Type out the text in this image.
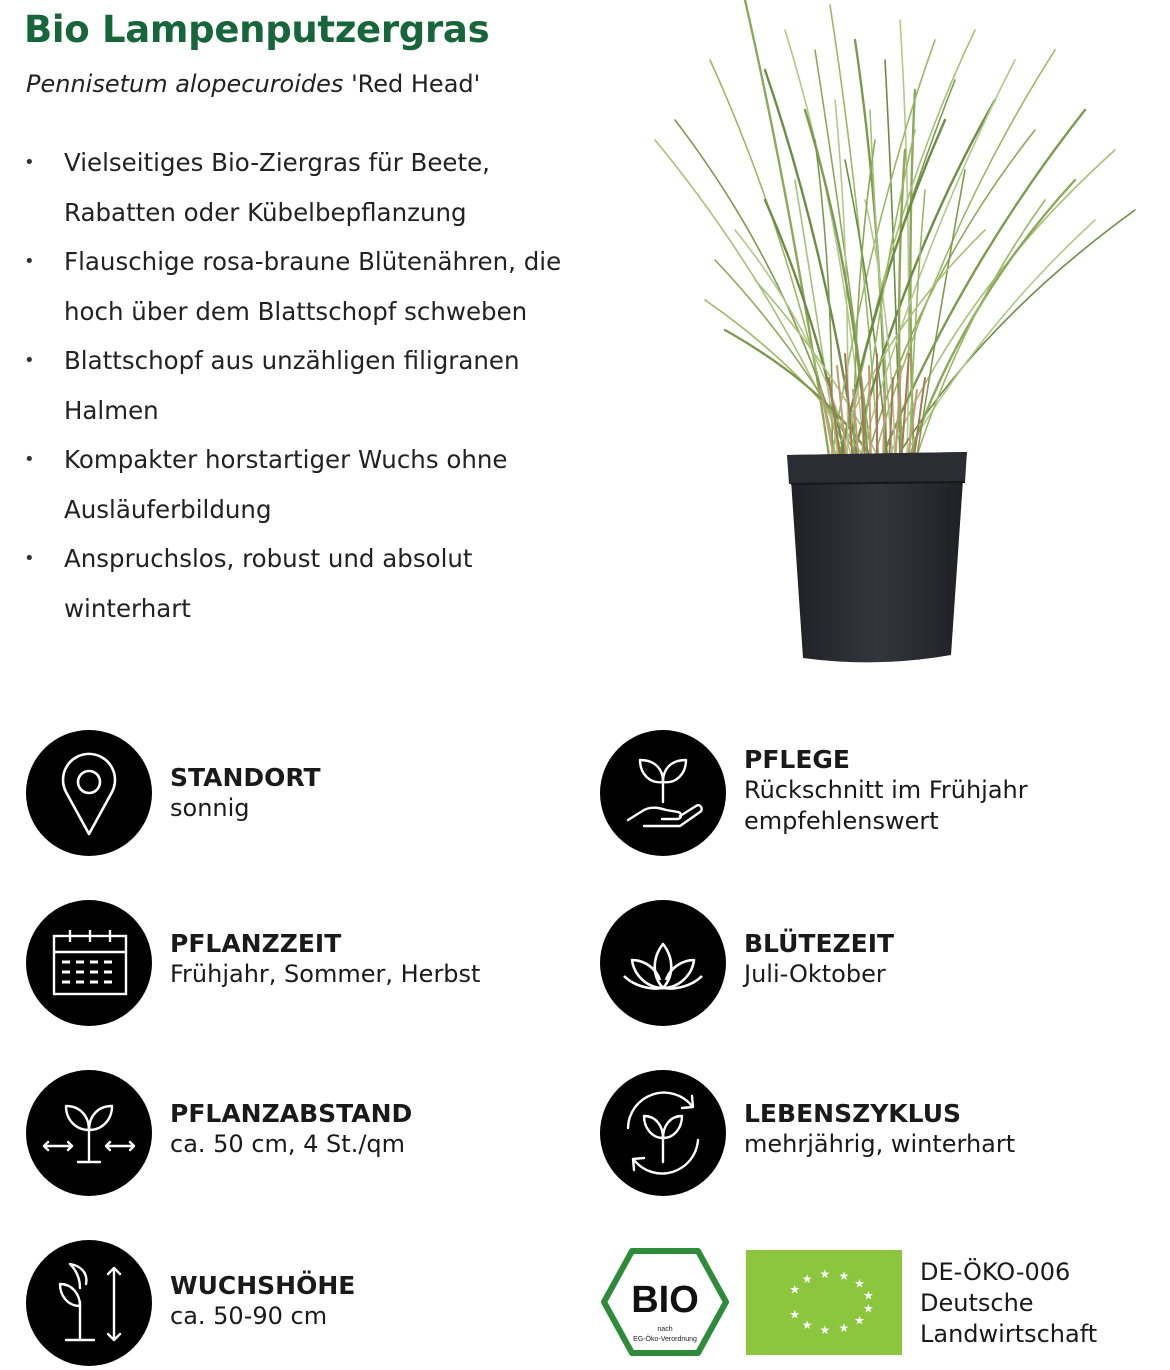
Bio Lampenputzergras

Pennisetum alopecuroides 'Red Head'

• Vielseitiges Bio-Ziergras für Beete, Rabatten oder Kübelbepflanzung
• Flauschige rosa-braune Blütenähren, die hoch über dem Blattschopf schweben
• Blattschopf aus unzähligen filigranen Halmen
• Kompakter horstartiger Wuchs ohne Ausläuferbildung
• Anspruchslos, robust und absolut winterhart
STANDORT
sonnig
PFLEGE
Rückschnitt im Frühjahr empfehlenswert
PFLANZZEIT
Frühjahr, Sommer, Herbst
BLÜTEZEIT
Juli-Oktober
PFLANZABSTAND
ca. 50 cm, 4 St./qm
LEBENSZYKLUS
mehrjährig, winterhart
WUCHSHÖHE
ca. 50-90 cm	BIO
nach
EG-Öko-Verordnung
★
★ ★ ★
★
★
★
★
★
★
★
★
DE-ÖKO-006
Deutsche
Landwirtschaft
